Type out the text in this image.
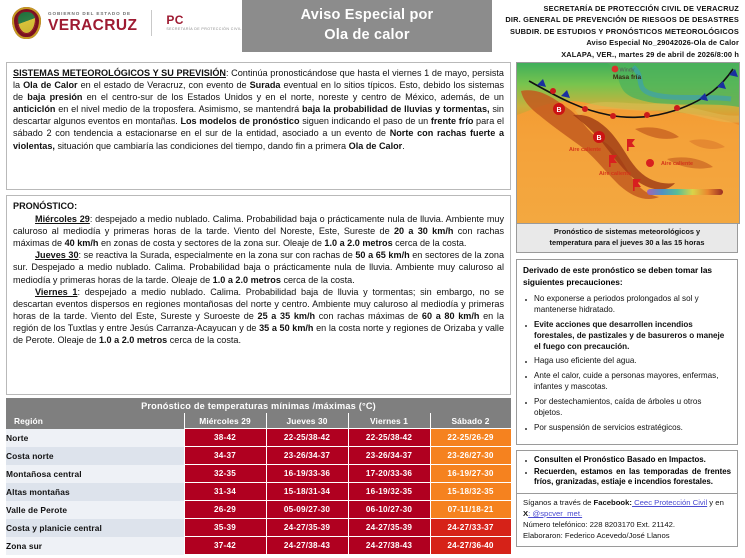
GOBIERNO DEL ESTADO DE
VERACRUZ PC
SECRETARÍA DE PROTECCIÓN CIVIL
Aviso Especial por
Ola de calor
SECRETARÍA DE PROTECCIÓN CIVIL DE VERACRUZ
DIR. GENERAL DE PREVENCIÓN DE RIESGOS DE DESASTRES
SUBDIR. DE ESTUDIOS Y PRONÓSTICOS METEOROLÓGICOS
Aviso Especial No_29042026-Ola de Calor
XALAPA, VER., martes 29 de abril de 2026/8:00 h

SISTEMAS METEOROLÓGICOS Y SU PREVISIÓN: Continúa pronosticándose que hasta el viernes 1 de mayo, persista la Ola de Calor en el estado de Veracruz, con evento de Surada eventual en lo sitios típicos. Esto, debido los sistemas de baja presión en el centro-sur de los Estados Unidos y en el norte, noreste y centro de México, además, de un anticiclón en el nivel medio de la troposfera. Asimismo, se mantendrá baja la probabilidad de lluvias y tormentas, sin descartar algunos eventos en montañas. Los modelos de pronóstico siguen indicando el paso de un frente frío para el sábado 2 con tendencia a estacionarse en el sur de la entidad, asociado a un evento de Norte con rachas fuerte a violentas, situación que cambiaría las condiciones del tiempo, dando fin a primera Ola de Calor.

PRONÓSTICO:

Miércoles 29: despejado a medio nublado. Calima. Probabilidad baja o prácticamente nula de lluvia. Ambiente muy caluroso al mediodía y primeras horas de la tarde. Viento del Noreste, Este, Sureste de 20 a 30 km/h con rachas máximas de 40 km/h en zonas de costa y sectores de la zona sur. Oleaje de 1.0 a 2.0 metros cerca de la costa.

Jueves 30: se reactiva la Surada, especialmente en la zona sur con rachas de 50 a 65 km/h en sectores de la zona sur. Despejado a medio nublado. Calima. Probabilidad baja o prácticamente nula de lluvia. Ambiente muy caluroso al mediodía y primeras horas de la tarde. Oleaje de 1.0 a 2.0 metros cerca de la costa.

Viernes 1: despejado a medio nublado. Calima. Probabilidad baja de lluvia y tormentas; sin embargo, no se descartan eventos dispersos en regiones montañosas del norte y centro. Ambiente muy caluroso al mediodía y primeras horas de la tarde. Viento del Este, Sureste y Suroeste de 25 a 35 km/h con rachas máximas de 60 a 80 km/h en la región de los Tuxtlas y entre Jesús Carranza-Acayucan y de 35 a 50 km/h en la costa norte y regiones de Orizaba y valle de Perote. Oleaje de 1.0 a 2.0 metros cerca de la costa.

Pronóstico de temperaturas mínimas /máximas (°C)				
Región	Miércoles 29	Jueves 30	Viernes 1	Sábado 2
Norte	38-42	22-25/38-42	22-25/38-42	22-25/26-29
Costa norte	34-37	23-26/34-37	23-26/34-37	23-26/27-30
Montañosa central	32-35	16-19/33-36	17-20/33-36	16-19/27-30
Altas montañas	31-34	15-18/31-34	16-19/32-35	15-18/32-35
Valle de Perote	26-29	05-09/27-30	06-10/27-30	07-11/18-21
Costa y planicie central	35-39	24-27/35-39	24-27/35-39	24-27/33-37
Zona sur	37-42	24-27/38-43	24-27/38-43	24-27/36-40
B
B
Masa fría
Aire caliente
Aire caliente
Aire caliente
Windy
Pronóstico de sistemas meteorológicos y
temperatura para el jueves 30 a las 15 horas
Derivado de este pronóstico se deben tomar las siguientes precauciones:
No exponerse a periodos prolongados al sol y mantenerse hidratado.
Evite acciones que desarrollen incendios forestales, de pastizales y de basureros o maneje el fuego con precaución.
Haga uso eficiente del agua.
Ante el calor, cuide a personas mayores, enfermas, infantes y mascotas.
Por destechamientos, caída de árboles u otros objetos.
Por suspensión de servicios estratégicos.
Consulten el Pronóstico Basado en Impactos.
Recuerden, estamos en las temporadas de frentes fríos, granizadas, estiaje e incendios forestales.
Síganos a través de Facebook: Ceec Protección Civil y en X: @spcver_met.
Número telefónico: 228 8203170 Ext. 21142.
Elaboraron: Federico Acevedo/José Llanos
